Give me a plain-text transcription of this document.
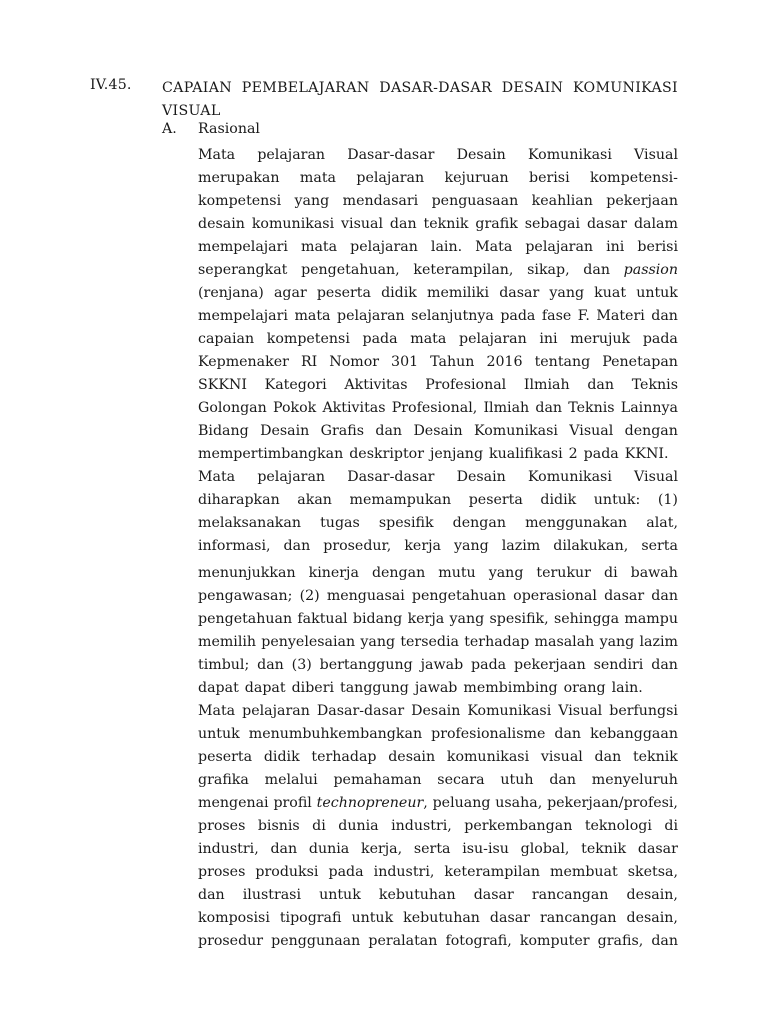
IV.45. CAPAIAN PEMBELAJARAN DASAR-DASAR DESAIN KOMUNIKASI
VISUAL
A. Rasional
Mata pelajaran Dasar-dasar Desain Komunikasi Visual
merupakan mata pelajaran kejuruan berisi kompetensi-
kompetensi yang mendasari penguasaan keahlian pekerjaan
desain komunikasi visual dan teknik grafik sebagai dasar dalam
mempelajari mata pelajaran lain. Mata pelajaran ini berisi
seperangkat pengetahuan, keterampilan, sikap, dan passion
(renjana) agar peserta didik memiliki dasar yang kuat untuk
mempelajari mata pelajaran selanjutnya pada fase F. Materi dan
capaian kompetensi pada mata pelajaran ini merujuk pada
Kepmenaker RI Nomor 301 Tahun 2016 tentang Penetapan
SKKNI Kategori Aktivitas Profesional Ilmiah dan Teknis
Golongan Pokok Aktivitas Profesional, Ilmiah dan Teknis Lainnya
Bidang Desain Grafis dan Desain Komunikasi Visual dengan
mempertimbangkan deskriptor jenjang kualifikasi 2 pada KKNI.
Mata pelajaran Dasar-dasar Desain Komunikasi Visual
diharapkan akan memampukan peserta didik untuk: (1)
melaksanakan tugas spesifik dengan menggunakan alat,
informasi, dan prosedur, kerja yang lazim dilakukan, serta
menunjukkan kinerja dengan mutu yang terukur di bawah
pengawasan; (2) menguasai pengetahuan operasional dasar dan
pengetahuan faktual bidang kerja yang spesifik, sehingga mampu
memilih penyelesaian yang tersedia terhadap masalah yang lazim
timbul; dan (3) bertanggung jawab pada pekerjaan sendiri dan
dapat dapat diberi tanggung jawab membimbing orang lain.
Mata pelajaran Dasar-dasar Desain Komunikasi Visual berfungsi
untuk menumbuhkembangkan profesionalisme dan kebanggaan
peserta didik terhadap desain komunikasi visual dan teknik
grafika melalui pemahaman secara utuh dan menyeluruh
mengenai profil technopreneur, peluang usaha, pekerjaan/profesi,
proses bisnis di dunia industri, perkembangan teknologi di
industri, dan dunia kerja, serta isu-isu global, teknik dasar
proses produksi pada industri, keterampilan membuat sketsa,
dan ilustrasi untuk kebutuhan dasar rancangan desain,
komposisi tipografi untuk kebutuhan dasar rancangan desain,
prosedur penggunaan peralatan fotografi, komputer grafis, dan
